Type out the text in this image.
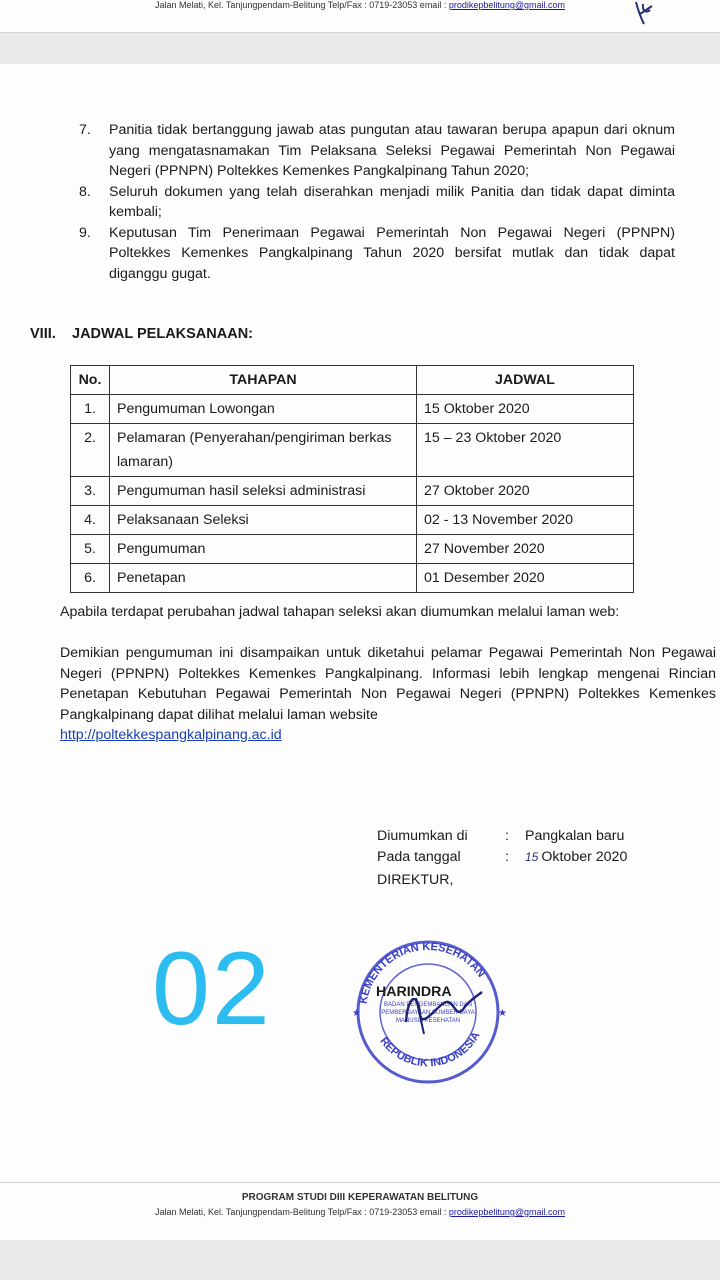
Jalan Melati, Kel. Tanjungpendam-Belitung Telp/Fax : 0719-23053 email : prodikepbelitung@gmail.com
7. Panitia tidak bertanggung jawab atas pungutan atau tawaran berupa apapun dari oknum yang mengatasnamakan Tim Pelaksana Seleksi Pegawai Pemerintah Non Pegawai Negeri (PPNPN) Poltekkes Kemenkes Pangkalpinang Tahun 2020;
8. Seluruh dokumen yang telah diserahkan menjadi milik Panitia dan tidak dapat diminta kembali;
9. Keputusan Tim Penerimaan Pegawai Pemerintah Non Pegawai Negeri (PPNPN) Poltekkes Kemenkes Pangkalpinang Tahun 2020 bersifat mutlak dan tidak dapat diganggu gugat.
VIII. JADWAL PELAKSANAAN:
No.	TAHAPAN	JADWAL
1.	Pengumuman Lowongan	15 Oktober 2020
2.	Pelamaran (Penyerahan/pengiriman berkas lamaran)	15 – 23 Oktober 2020
3.	Pengumuman hasil seleksi administrasi	27 Oktober 2020
4.	Pelaksanaan Seleksi	02 - 13 November 2020
5.	Pengumuman	27 November 2020
6.	Penetapan	01 Desember 2020
Apabila terdapat perubahan jadwal tahapan seleksi akan diumumkan melalui laman web:
Demikian pengumuman ini disampaikan untuk diketahui pelamar Pegawai Pemerintah Non Pegawai Negeri (PPNPN) Poltekkes Kemenkes Pangkalpinang. Informasi lebih lengkap mengenai Rincian Penetapan Kebutuhan Pegawai Pemerintah Non Pegawai Negeri (PPNPN) Poltekkes Kemenkes Pangkalpinang dapat dilihat melalui laman website
http://poltekkespangkalpinang.ac.id
Diumumkan di	: Pangkalan baru
Pada tanggal	: 15 Oktober 2020
DIREKTUR,
02	KEMENTERIAN KESEHATAN
REPUBLIK INDONESIA
BADAN PENGEMBANGAN DAN
PEMBERDAYAAN SUMBER DAYA
MANUSIA KESEHATAN
★	★
HARINDRA
PROGRAM STUDI DIII KEPERAWATAN BELITUNG
Jalan Melati, Kel. Tanjungpendam-Belitung Telp/Fax : 0719-23053 email : prodikepbelitung@gmail.com
